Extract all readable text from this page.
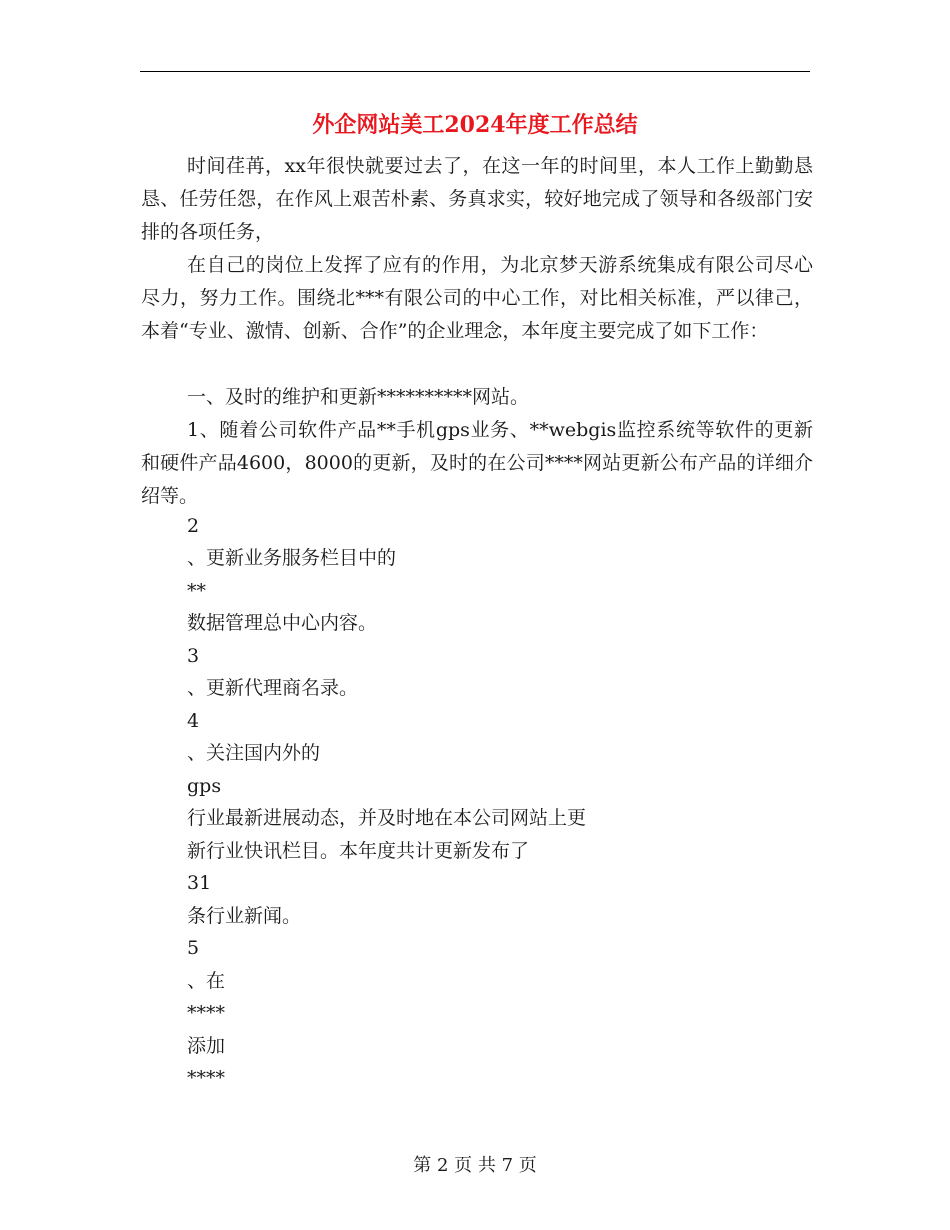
外企网站美工2024年度工作总结
时间荏苒，xx年很快就要过去了，在这一年的时间里，本人工作上勤勤恳恳、任劳任怨，在作风上艰苦朴素、务真求实，较好地完成了领导和各级部门安排的各项任务，
在自己的岗位上发挥了应有的作用，为北京梦天游系统集成有限公司尽心尽力，努力工作。围绕北***有限公司的中心工作，对比相关标准，严以律己，本着“专业、激情、创新、合作”的企业理念，本年度主要完成了如下工作：
一、及时的维护和更新**********网站。
1、随着公司软件产品**手机gps业务、**webgis监控系统等软件的更新和硬件产品4600，8000的更新，及时的在公司****网站更新公布产品的详细介绍等。
2
、更新业务服务栏目中的
**
数据管理总中心内容。
3
、更新代理商名录。
4
、关注国内外的
gps
行业最新进展动态，并及时地在本公司网站上更
新行业快讯栏目。本年度共计更新发布了
31
条行业新闻。
5
、在
****
添加
****
第 2 页 共 7 页
